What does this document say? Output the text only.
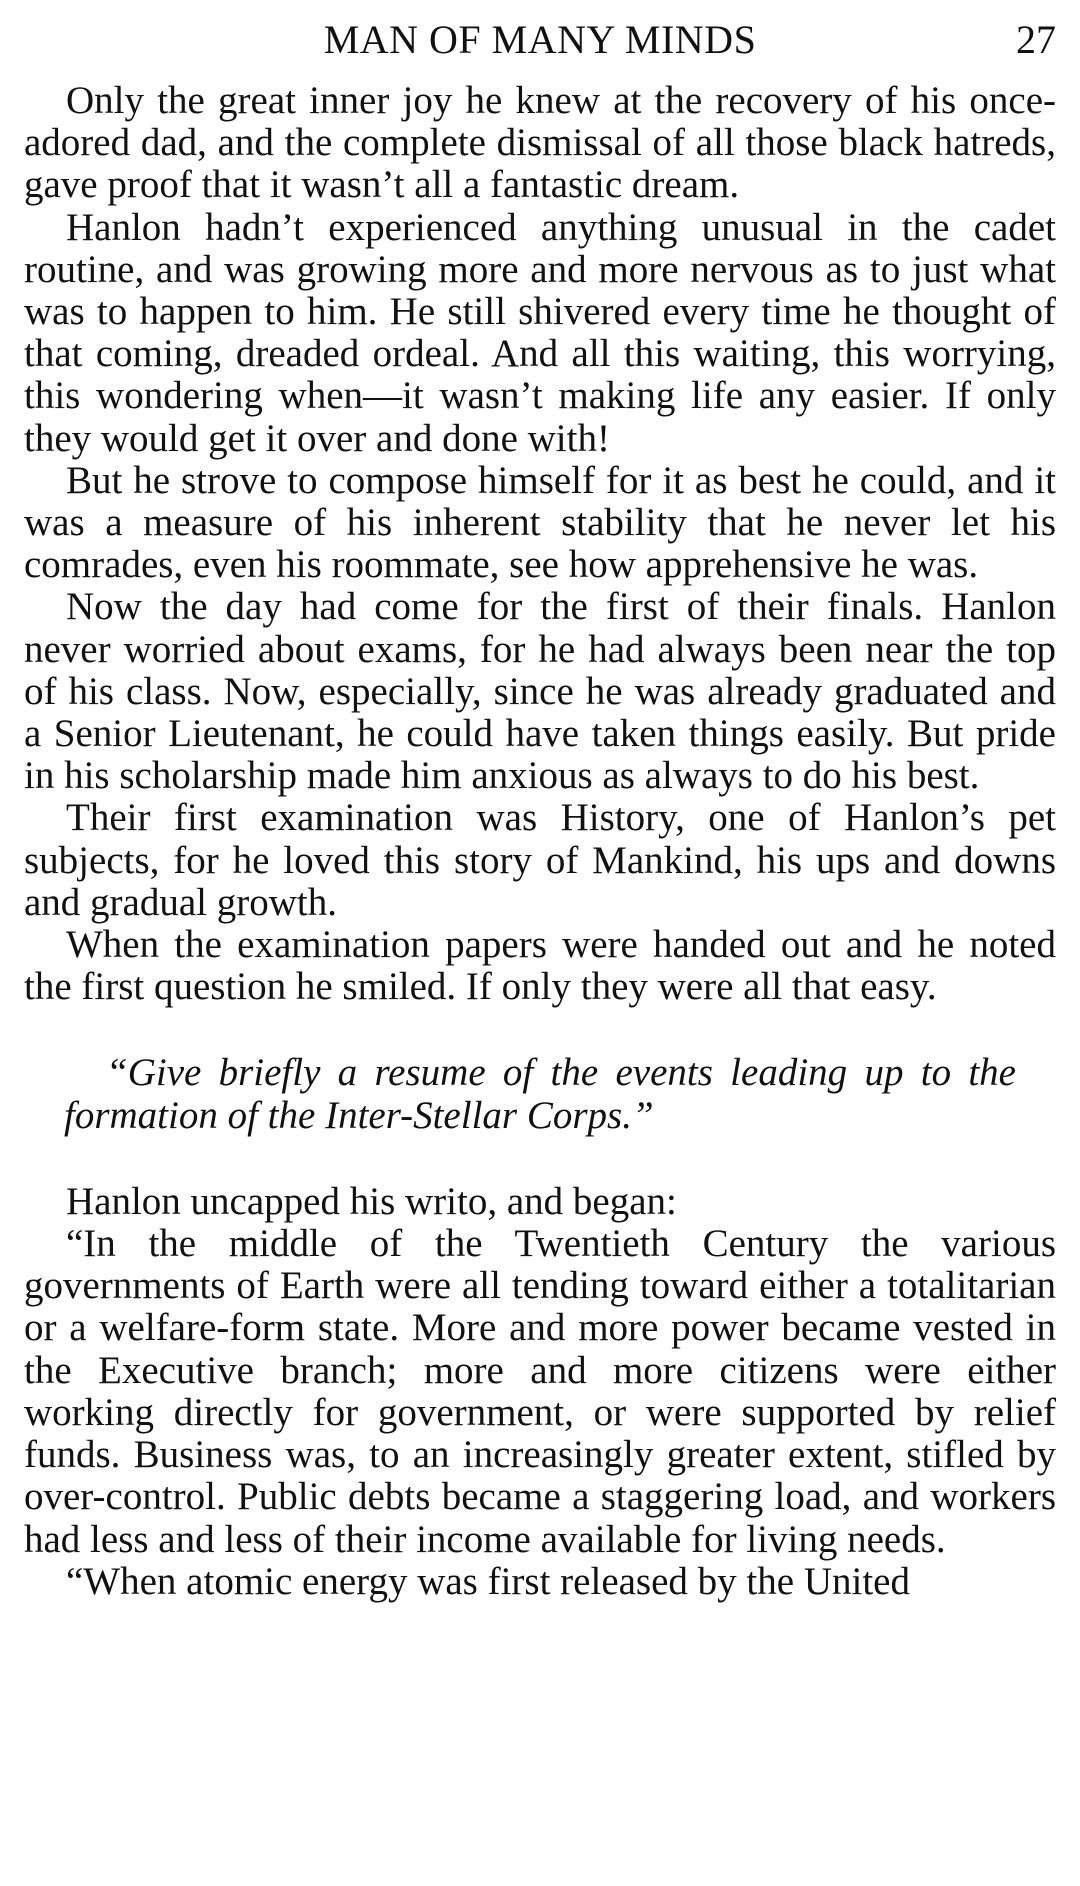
MAN OF MANY MINDS	27

Only the great inner joy he knew at the recovery of his once-adored dad, and the complete dismissal of all those black hatreds, gave proof that it wasn’t all a fantastic dream.

Hanlon hadn’t experienced anything unusual in the cadet routine, and was growing more and more nervous as to just what was to happen to him. He still shivered every time he thought of that coming, dreaded ordeal. And all this waiting, this worrying, this wondering when—it wasn’t making life any easier. If only they would get it over and done with!

But he strove to compose himself for it as best he could, and it was a measure of his inherent stability that he never let his comrades, even his roommate, see how apprehensive he was.

Now the day had come for the first of their finals. Hanlon never worried about exams, for he had always been near the top of his class. Now, especially, since he was already graduated and a Senior Lieutenant, he could have taken things easily. But pride in his scholarship made him anxious as always to do his best.

Their first examination was History, one of Hanlon’s pet subjects, for he loved this story of Mankind, his ups and downs and gradual growth.

When the examination papers were handed out and he noted the first question he smiled. If only they were all that easy.

“Give briefly a resume of the events leading up to the formation of the Inter-Stellar Corps.”

Hanlon uncapped his writo, and began:

“In the middle of the Twentieth Century the various governments of Earth were all tending toward either a totalitarian or a welfare-form state. More and more power became vested in the Executive branch; more and more citizens were either working directly for government, or were supported by relief funds. Business was, to an increasingly greater extent, stifled by over-control. Public debts became a staggering load, and workers had less and less of their income available for living needs.

“When atomic energy was first released by the United
